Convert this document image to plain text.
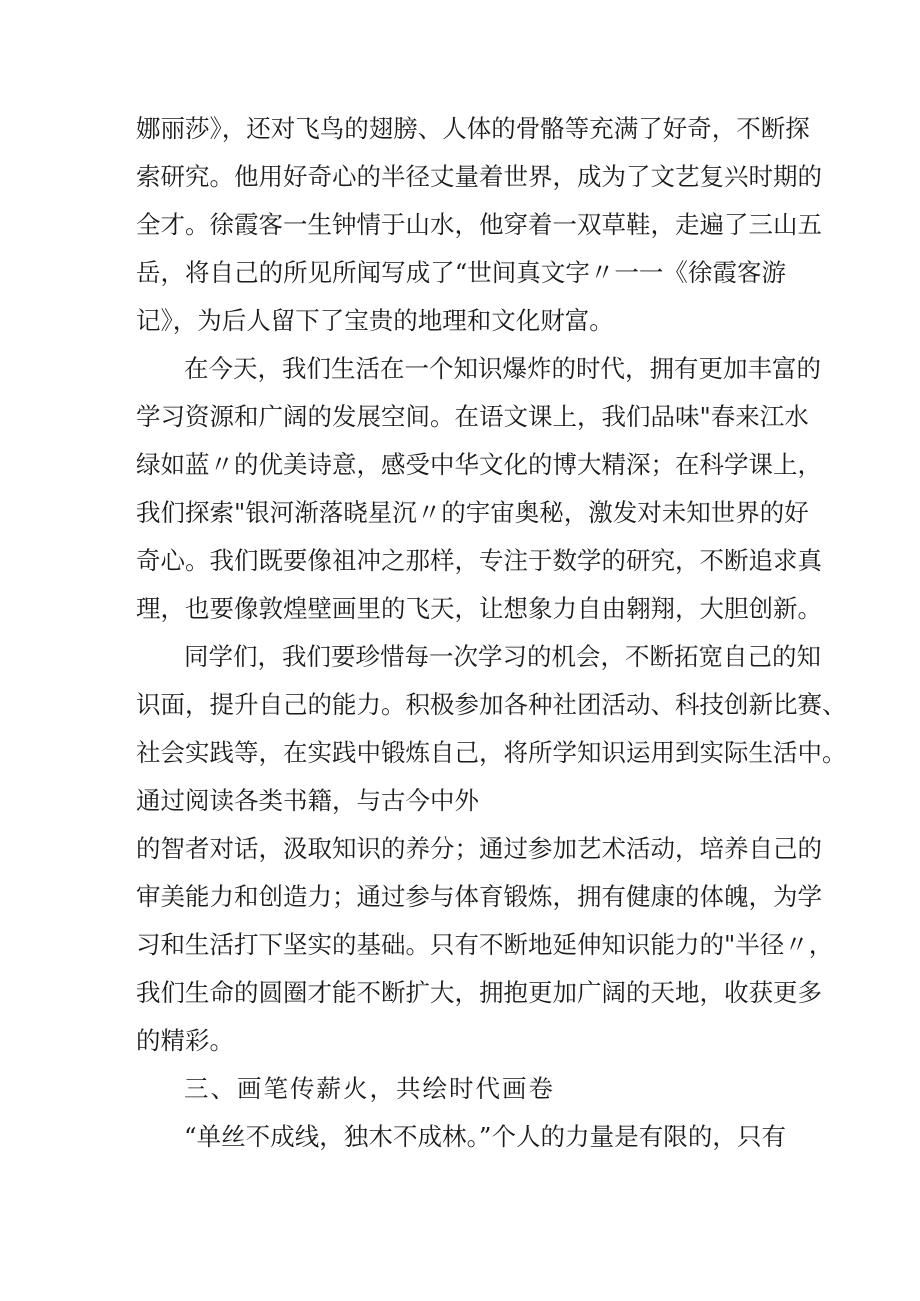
娜丽莎》，还对飞鸟的翅膀、人体的骨骼等充满了好奇，不断探
索研究。他用好奇心的半径丈量着世界，成为了文艺复兴时期的
全才。徐霞客一生钟情于山水，他穿着一双草鞋，走遍了三山五
岳，将自己的所见所闻写成了“世间真文字〃一一《徐霞客游
记》，为后人留下了宝贵的地理和文化财富。
在今天，我们生活在一个知识爆炸的时代，拥有更加丰富的
学习资源和广阔的发展空间。在语文课上，我们品味"春来江水
绿如蓝〃的优美诗意，感受中华文化的博大精深；在科学课上，
我们探索"银河渐落晓星沉〃的宇宙奥秘，激发对未知世界的好
奇心。我们既要像祖冲之那样，专注于数学的研究，不断追求真
理，也要像敦煌壁画里的飞天，让想象力自由翱翔，大胆创新。
同学们，我们要珍惜每一次学习的机会，不断拓宽自己的知
识面，提升自己的能力。积极参加各种社团活动、科技创新比赛、
社会实践等，在实践中锻炼自己，将所学知识运用到实际生活中。
通过阅读各类书籍，与古今中外
的智者对话，汲取知识的养分；通过参加艺术活动，培养自己的
审美能力和创造力；通过参与体育锻炼，拥有健康的体魄，为学
习和生活打下坚实的基础。只有不断地延伸知识能力的"半径〃，
我们生命的圆圈才能不断扩大，拥抱更加广阔的天地，收获更多
的精彩。
三、画笔传薪火，共绘时代画卷
“单丝不成线，独木不成林。”个人的力量是有限的，只有
